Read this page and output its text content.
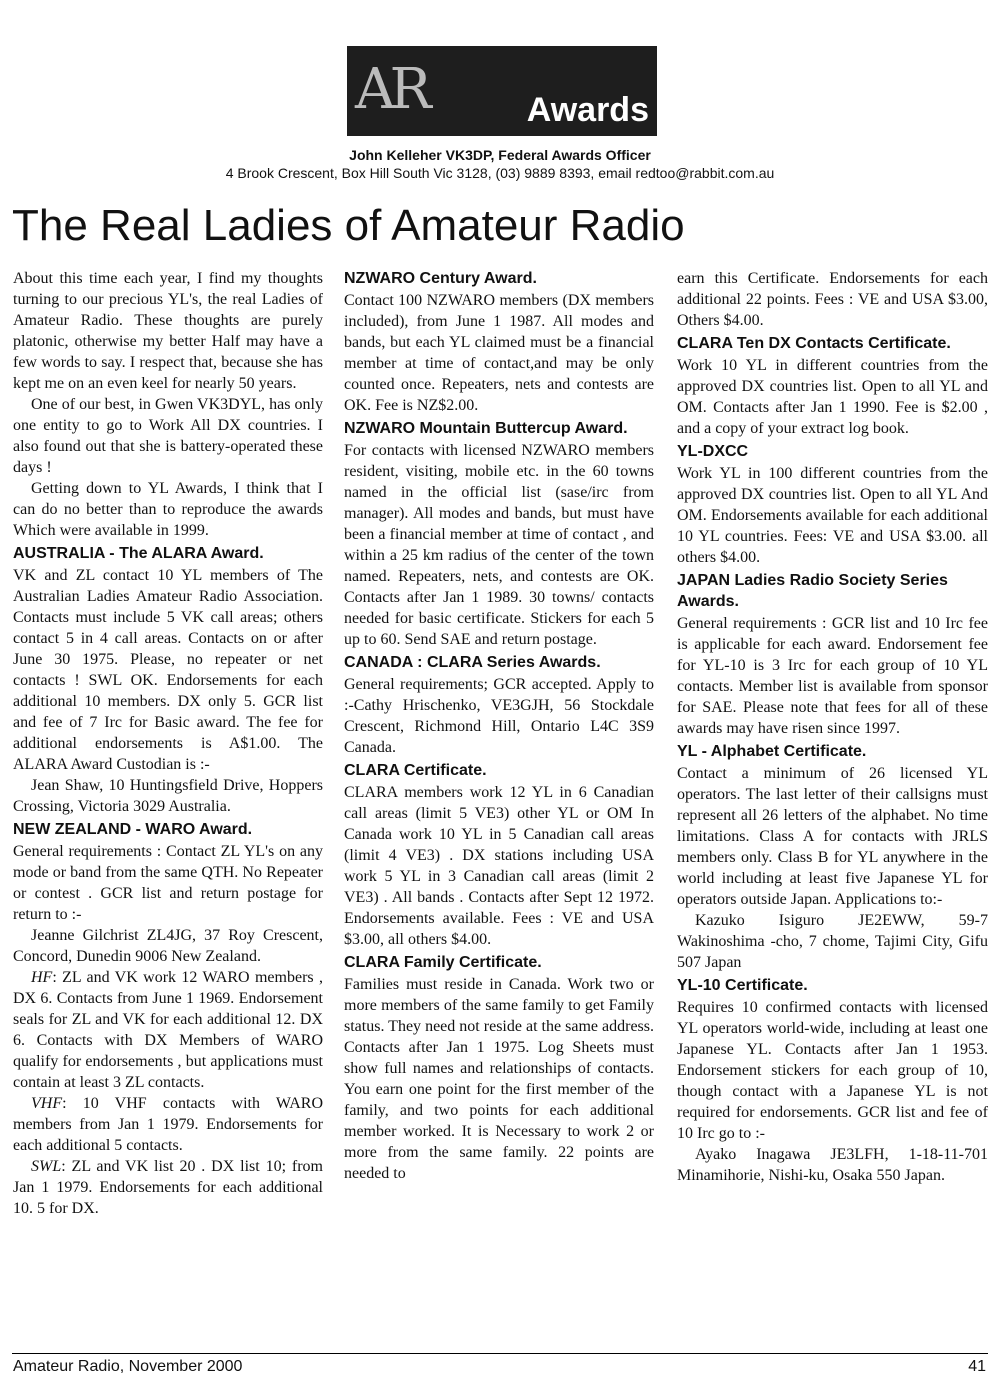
AR	Awards
John Kelleher VK3DP, Federal Awards Officer
4 Brook Crescent, Box Hill South Vic 3128, (03) 9889 8393, email redtoo@rabbit.com.au
The Real Ladies of Amateur Radio

About this time each year, I find my thoughts turning to our precious YL's, the real Ladies of Amateur Radio. These thoughts are purely platonic, otherwise my better Half may have a few words to say. I respect that, because she has kept me on an even keel for nearly 50 years.

One of our best, in Gwen VK3DYL, has only one entity to go to Work All DX countries. I also found out that she is battery-operated these days !

Getting down to YL Awards, I think that I can do no better than to reproduce the awards Which were available in 1999.

AUSTRALIA - The ALARA Award.

VK and ZL contact 10 YL members of The Australian Ladies Amateur Radio Association. Contacts must include 5 VK call areas; others contact 5 in 4 call areas. Contacts on or after June 30 1975. Please, no repeater or net contacts ! SWL OK. Endorsements for each additional 10 members. DX only 5. GCR list and fee of 7 Irc for Basic award. The fee for additional endorsements is A$1.00. The ALARA Award Custodian is :-

Jean Shaw, 10 Huntingsfield Drive, Hoppers Crossing, Victoria 3029 Australia.

NEW ZEALAND - WARO Award.

General requirements : Contact ZL YL's on any mode or band from the same QTH. No Repeater or contest . GCR list and return postage for return to :-

Jeanne Gilchrist ZL4JG, 37 Roy Crescent, Concord, Dunedin 9006 New Zealand.

HF: ZL and VK work 12 WARO members , DX 6. Contacts from June 1 1969. Endorsement seals for ZL and VK for each additional 12. DX 6. Contacts with DX Members of WARO qualify for endorsements , but applications must contain at least 3 ZL contacts.

VHF: 10 VHF contacts with WARO members from Jan 1 1979. Endorsements for each additional 5 contacts.

SWL: ZL and VK list 20 . DX list 10; from Jan 1 1979. Endorsements for each additional 10. 5 for DX.

NZWARO Century Award.

Contact 100 NZWARO members (DX members included), from June 1 1987. All modes and bands, but each YL claimed must be a financial member at time of contact,and may be only counted once. Repeaters, nets and contests are OK. Fee is NZ$2.00.

NZWARO Mountain Buttercup Award.

For contacts with licensed NZWARO members resident, visiting, mobile etc. in the 60 towns named in the official list (sase/irc from manager). All modes and bands, but must have been a financial member at time of contact , and within a 25 km radius of the center of the town named. Repeaters, nets, and contests are OK. Contacts after Jan 1 1989. 30 towns/ contacts needed for basic certificate. Stickers for each 5 up to 60. Send SAE and return postage.

CANADA : CLARA Series Awards.

General requirements; GCR accepted. Apply to :-Cathy Hrischenko, VE3GJH, 56 Stockdale Crescent, Richmond Hill, Ontario L4C 3S9 Canada.

CLARA Certificate.

CLARA members work 12 YL in 6 Canadian call areas (limit 5 VE3) other YL or OM In Canada work 10 YL in 5 Canadian call areas (limit 4 VE3) . DX stations including USA work 5 YL in 3 Canadian call areas (limit 2 VE3) . All bands . Contacts after Sept 12 1972. Endorsements available. Fees : VE and USA $3.00, all others $4.00.

CLARA Family Certificate.

Families must reside in Canada. Work two or more members of the same family to get Family status. They need not reside at the same address. Contacts after Jan 1 1975. Log Sheets must show full names and relationships of contacts. You earn one point for the first member of the family, and two points for each additional member worked. It is Necessary to work 2 or more from the same family. 22 points are needed to

earn this Certificate. Endorsements for each additional 22 points. Fees : VE and USA $3.00, Others $4.00.

CLARA Ten DX Contacts Certificate.

Work 10 YL in different countries from the approved DX countries list. Open to all YL and OM. Contacts after Jan 1 1990. Fee is $2.00 , and a copy of your extract log book.

YL-DXCC

Work YL in 100 different countries from the approved DX countries list. Open to all YL And OM. Endorsements available for each additional 10 YL countries. Fees: VE and USA $3.00. all others $4.00.

JAPAN Ladies Radio Society Series Awards.

General requirements : GCR list and 10 Irc fee is applicable for each award. Endorsement fee for YL-10 is 3 Irc for each group of 10 YL contacts. Member list is available from sponsor for SAE. Please note that fees for all of these awards may have risen since 1997.

YL - Alphabet Certificate.

Contact a minimum of 26 licensed YL operators. The last letter of their callsigns must represent all 26 letters of the alphabet. No time limitations. Class A for contacts with JRLS members only. Class B for YL anywhere in the world including at least five Japanese YL for operators outside Japan. Applications to:-

Kazuko Isiguro JE2EWW, 59-7 Wakinoshima -cho, 7 chome, Tajimi City, Gifu 507 Japan

YL-10 Certificate.

Requires 10 confirmed contacts with licensed YL operators world-wide, including at least one Japanese YL. Contacts after Jan 1 1953. Endorsement stickers for each group of 10, though contact with a Japanese YL is not required for endorsements. GCR list and fee of 10 Irc go to :-

Ayako Inagawa JE3LFH, 1-18-11-701 Minamihorie, Nishi-ku, Osaka 550 Japan.

Amateur Radio, November 2000	41
